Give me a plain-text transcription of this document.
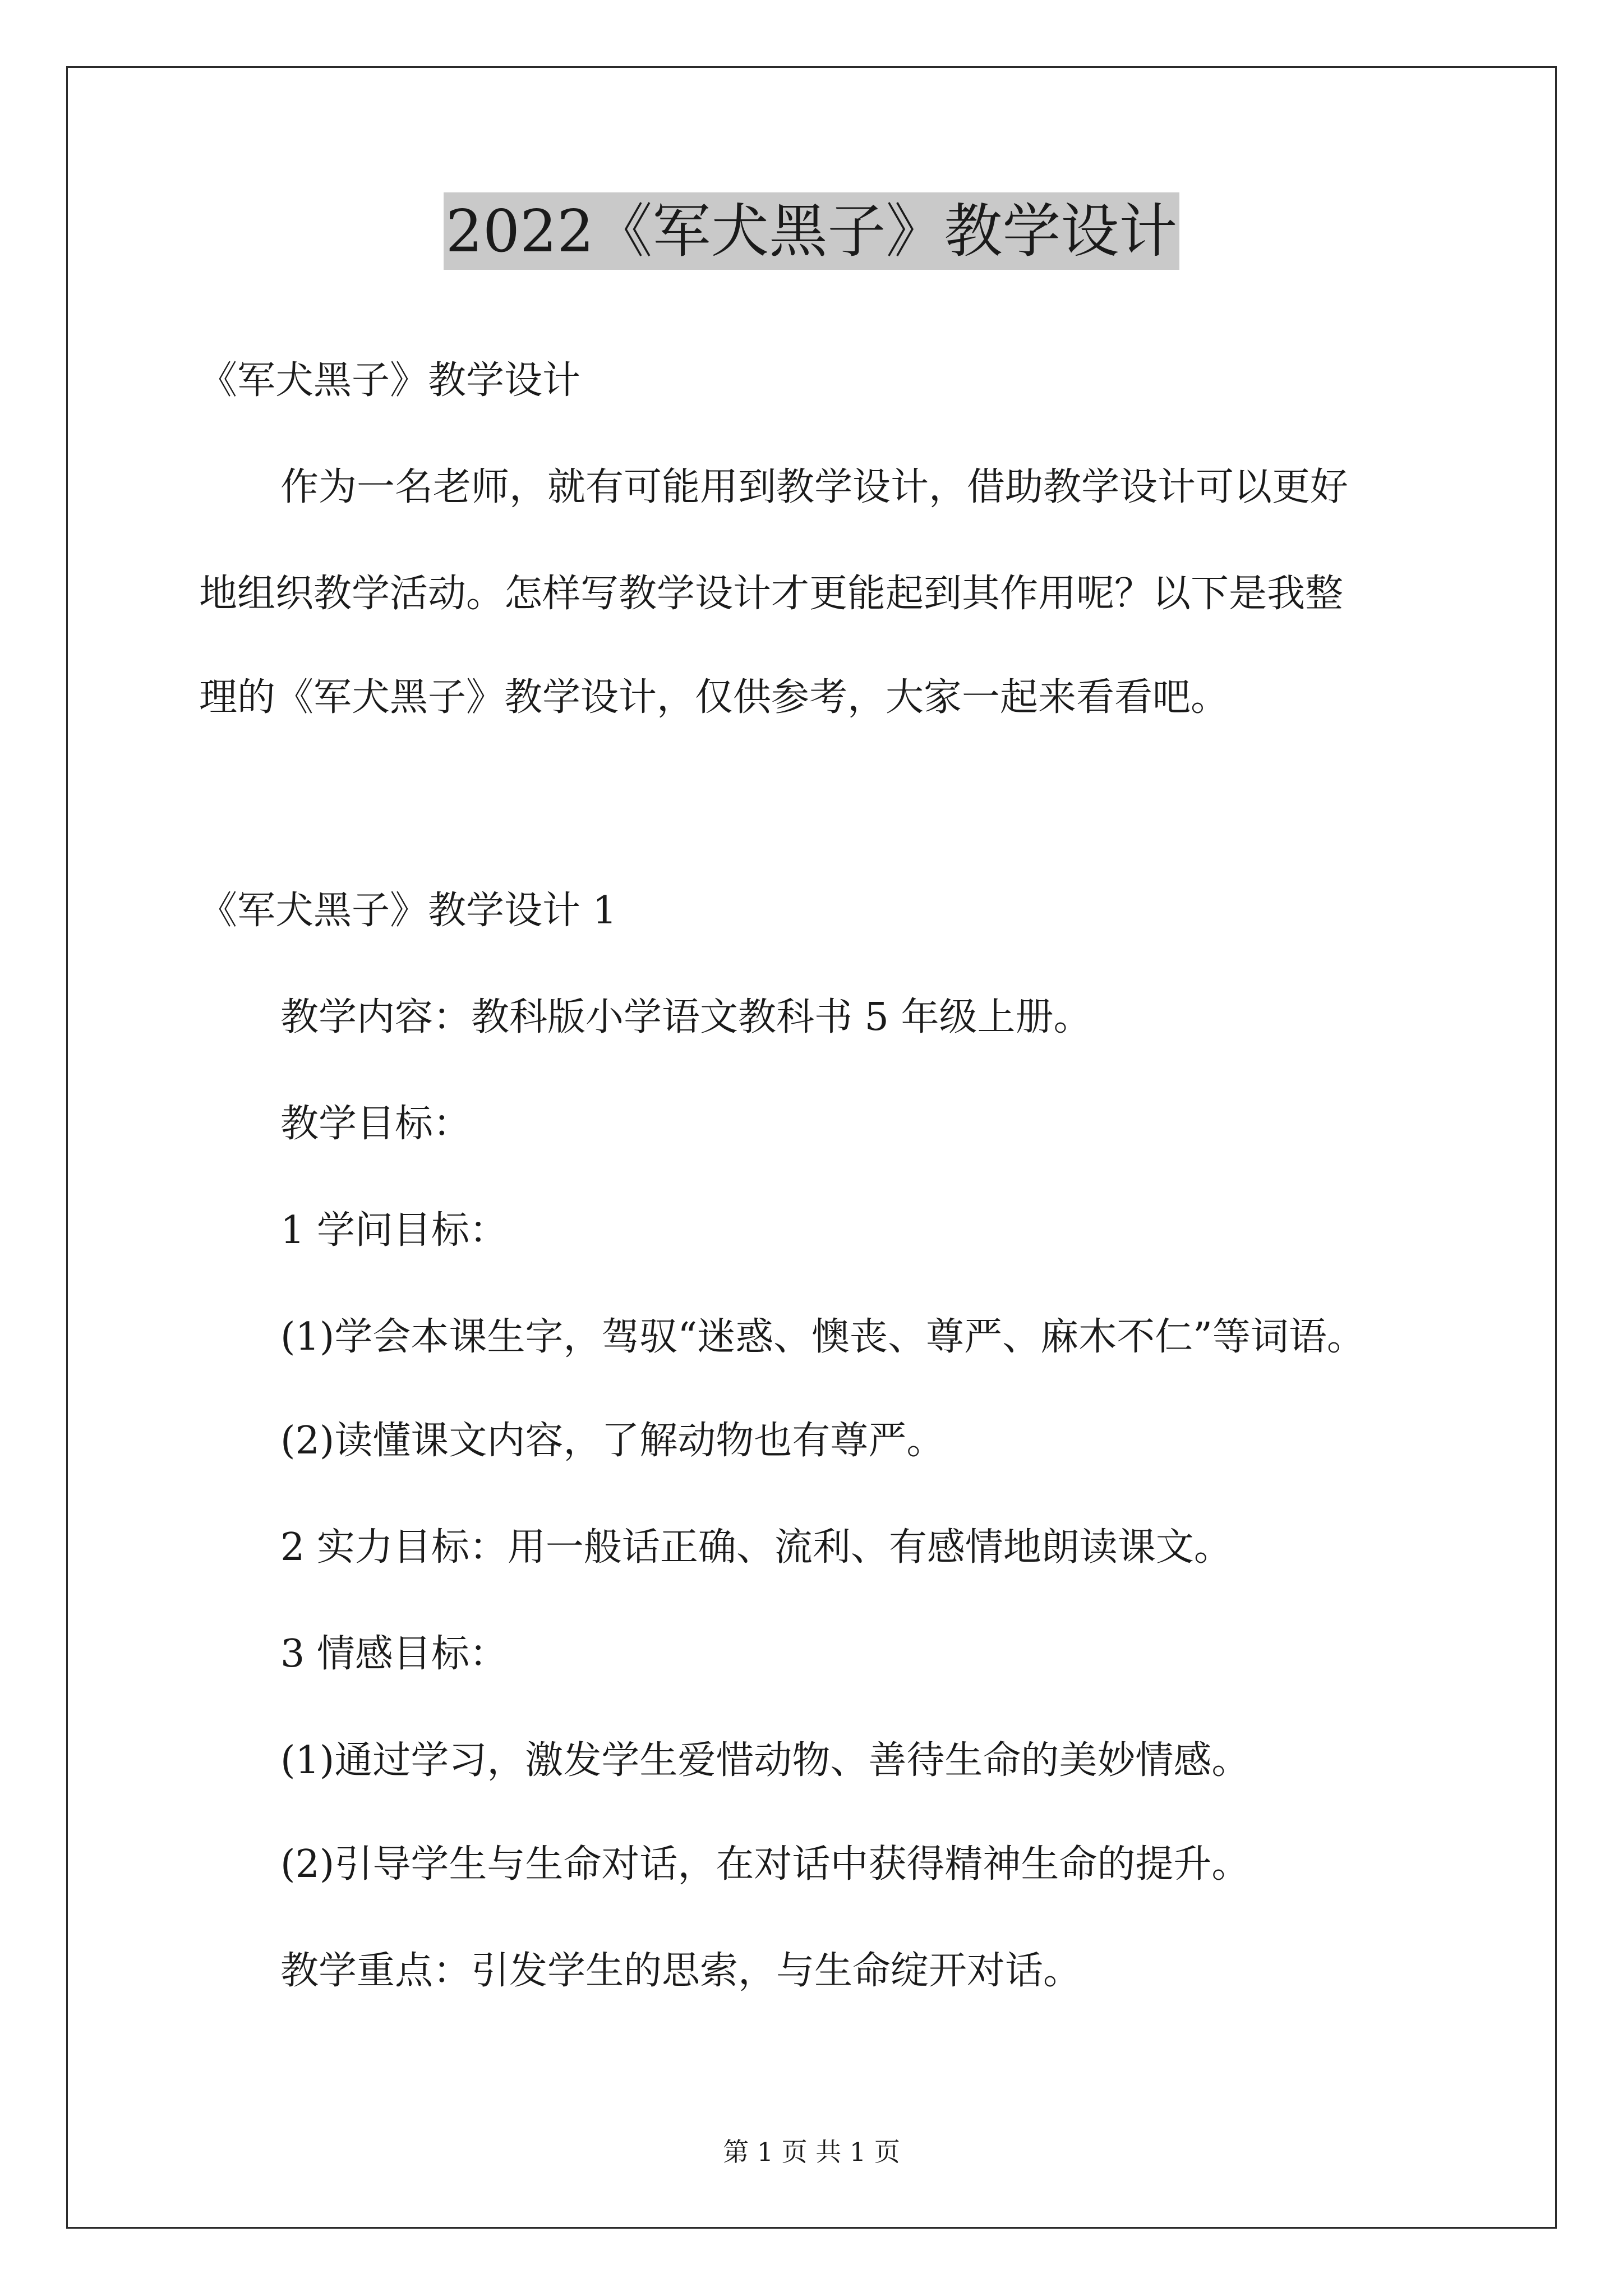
2022《军犬黑子》教学设计

《军犬黑子》教学设计

作为一名老师，就有可能用到教学设计，借助教学设计可以更好

地组织教学活动。怎样写教学设计才更能起到其作用呢？以下是我整

理的《军犬黑子》教学设计，仅供参考，大家一起来看看吧。

《军犬黑子》教学设计 1

教学内容：教科版小学语文教科书 5 年级上册。

教学目标：

1 学问目标：

(1)学会本课生字，驾驭“迷惑、懊丧、尊严、麻木不仁”等词语。

(2)读懂课文内容，了解动物也有尊严。

2 实力目标：用一般话正确、流利、有感情地朗读课文。

3 情感目标：

(1)通过学习，激发学生爱惜动物、善待生命的美妙情感。

(2)引导学生与生命对话，在对话中获得精神生命的提升。

教学重点：引发学生的思索，与生命绽开对话。

第 1 页 共 1 页
